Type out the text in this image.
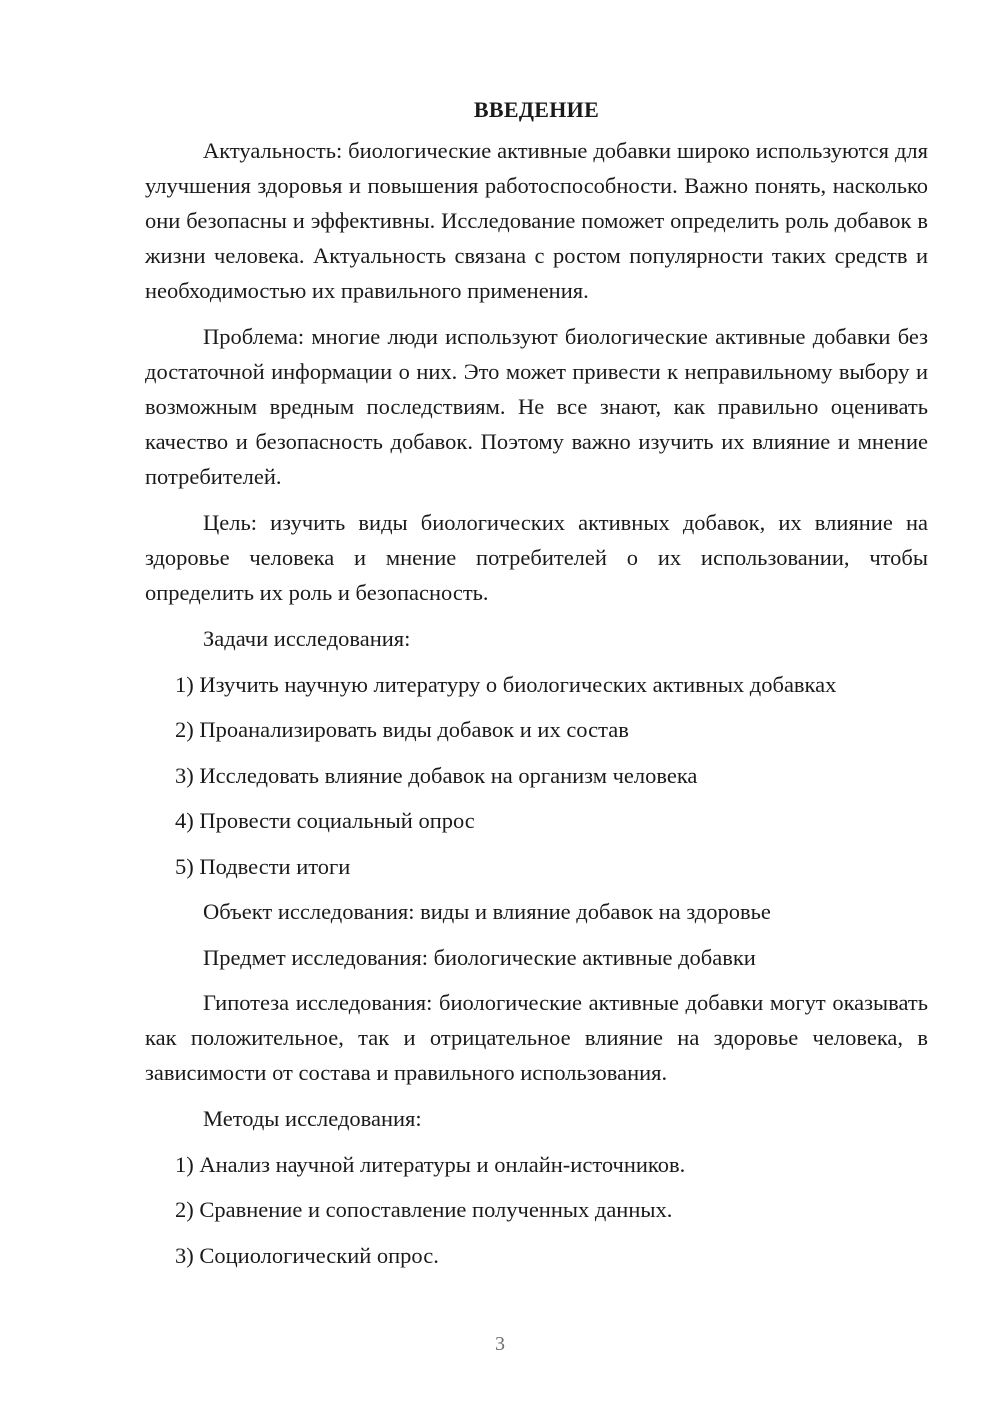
ВВЕДЕНИЕ

Актуальность: биологические активные добавки широко используются для улучшения здоровья и повышения работоспособности. Важно понять, насколько они безопасны и эффективны. Исследование поможет определить роль добавок в жизни человека. Актуальность связана с ростом популярности таких средств и необходимостью их правильного применения.

Проблема: многие люди используют биологические активные добавки без достаточной информации о них. Это может привести к неправильному выбору и возможным вредным последствиям. Не все знают, как правильно оценивать качество и безопасность добавок. Поэтому важно изучить их влияние и мнение потребителей.

Цель: изучить виды биологических активных добавок, их влияние на здоровье человека и мнение потребителей о их использовании, чтобы определить их роль и безопасность.

Задачи исследования:
1) Изучить научную литературу о биологических активных добавках
2) Проанализировать виды добавок и их состав
3) Исследовать влияние добавок на организм человека
4) Провести социальный опрос
5) Подвести итоги
Объект исследования: виды и влияние добавок на здоровье
Предмет исследования: биологические активные добавки

Гипотеза исследования: биологические активные добавки могут оказывать как положительное, так и отрицательное влияние на здоровье человека, в зависимости от состава и правильного использования.

Методы исследования:
1) Анализ научной литературы и онлайн-источников.
2) Сравнение и сопоставление полученных данных.
3) Социологический опрос.
3
